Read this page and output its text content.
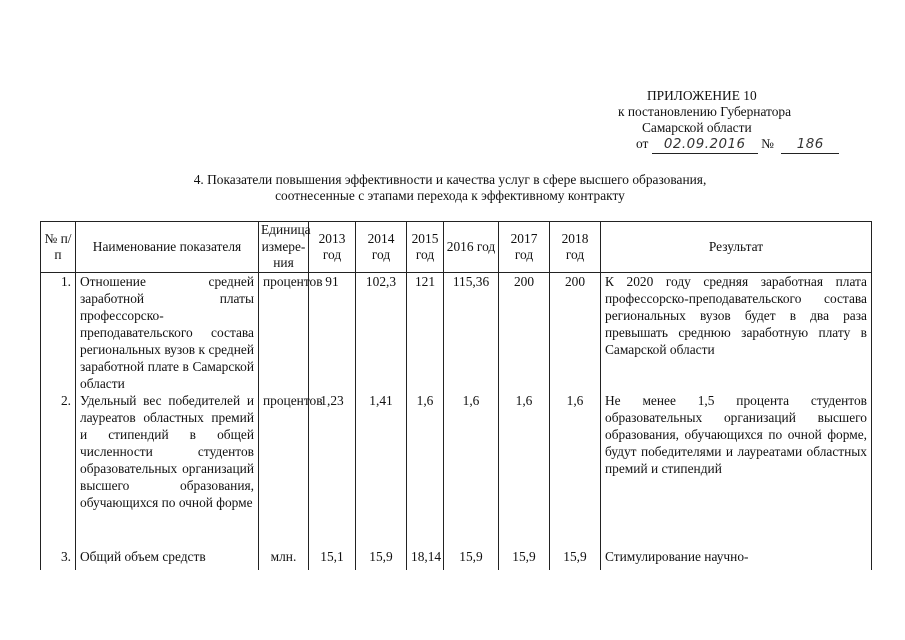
ПРИЛОЖЕНИЕ 10
к постановлению Губернатора
Самарской области
от 02.09.2016 № 186
4. Показатели повышения эффективности и качества услуг в сфере высшего образования,
соотнесенные с этапами перехода к эффективному контракту
№ п/п	Наименование показателя	Единица измере-ния	2013 год	2014 год	2015 год	2016 год	2017 год	2018 год	Результат
1.	Отношение средней заработной платы профессорско-преподавательского состава региональных вузов к средней заработной плате в Самарской области	процентов	91	102,3	121	115,36	200	200	К 2020 году средняя заработная плата профессорско-преподавательского состава региональных вузов будет в два раза превышать среднюю заработную плату в Самарской области
2.	Удельный вес победителей и лауреатов областных премий и стипендий в общей численности студентов образовательных организаций высшего образования, обучающихся по очной форме	процентов	1,23	1,41	1,6	1,6	1,6	1,6	Не менее 1,5 процента студентов образовательных организаций высшего образования, обучающихся по очной форме, будут победителями и лауреатами областных премий и стипендий
3.	Общий объем средств	млн.	15,1	15,9	18,14	15,9	15,9	15,9	Стимулирование научно-
